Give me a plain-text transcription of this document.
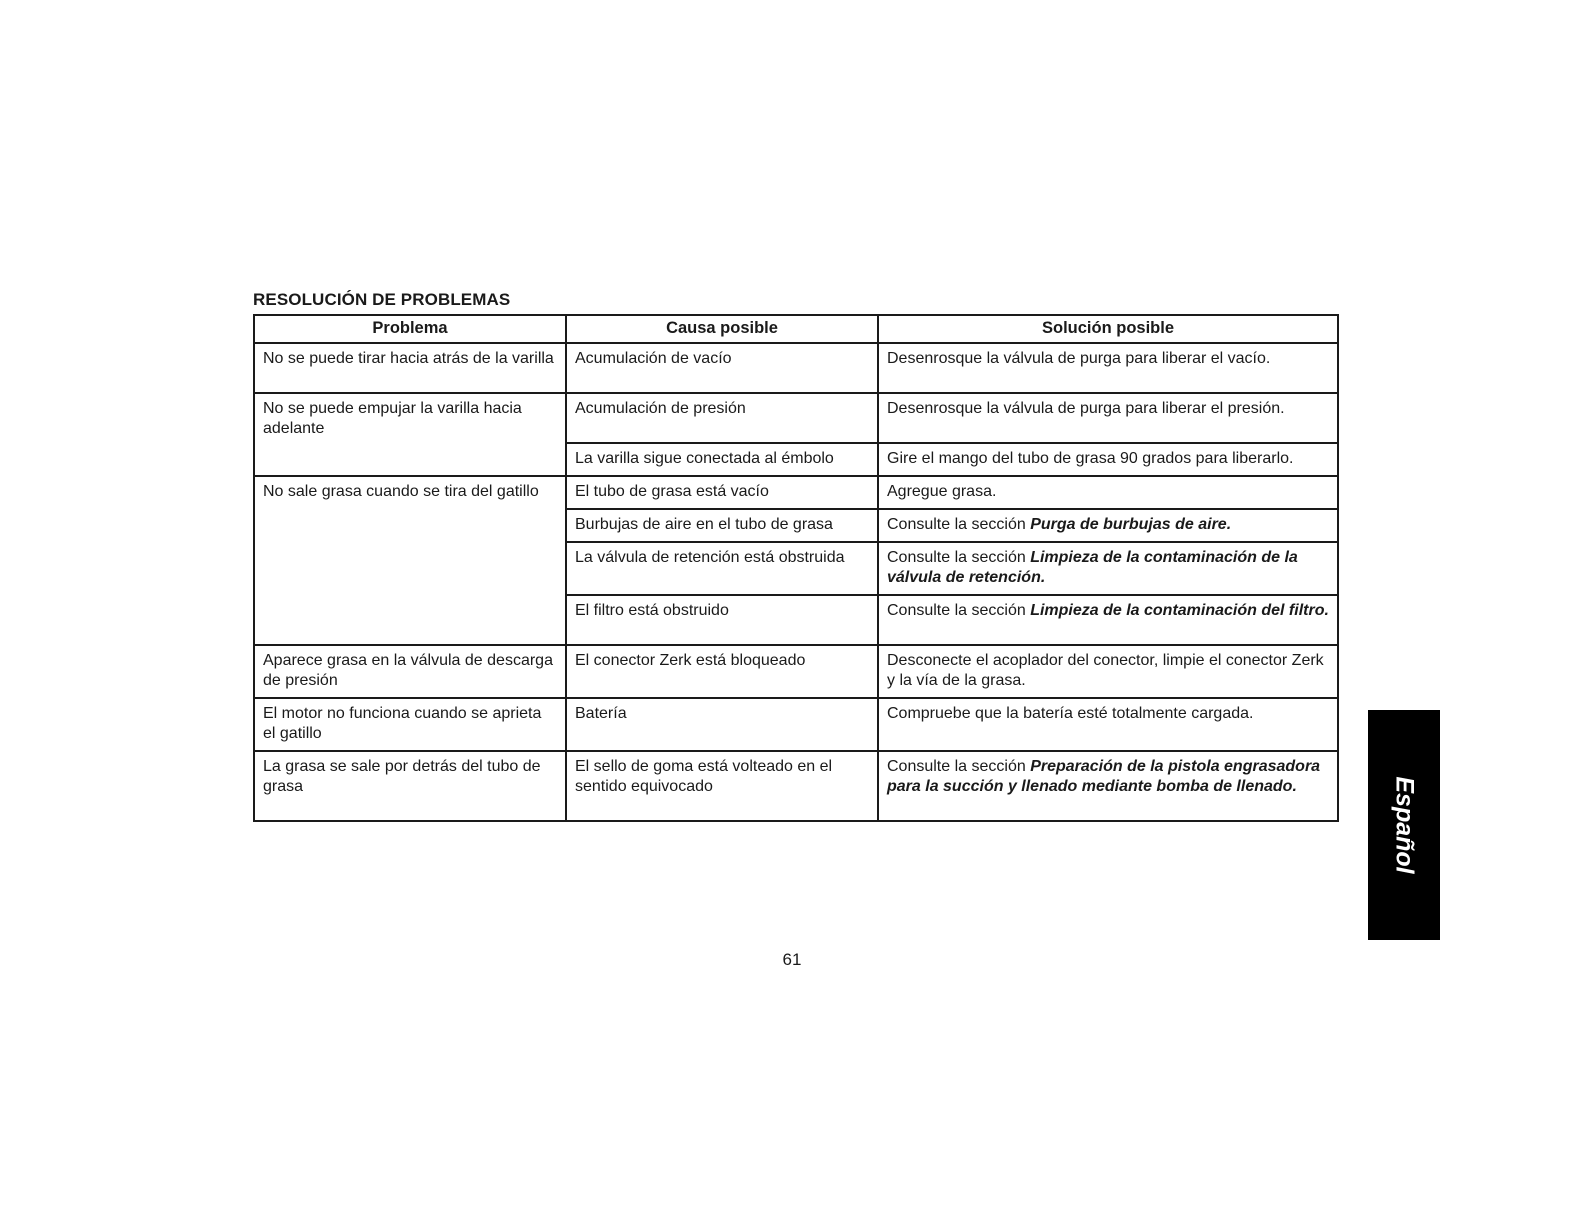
RESOLUCIÓN DE PROBLEMAS
Problema	Causa posible	Solución posible
No se puede tirar hacia atrás de la varilla	Acumulación de vacío	Desenrosque la válvula de purga para liberar el vacío.
No se puede empujar la varilla hacia adelante	Acumulación de presión	Desenrosque la válvula de purga para liberar el presión.
	La varilla sigue conectada al émbolo	Gire el mango del tubo de grasa 90 grados para liberarlo.
No sale grasa cuando se tira del gatillo	El tubo de grasa está vacío	Agregue grasa.
	Burbujas de aire en el tubo de grasa	Consulte la sección Purga de burbujas de aire.
	La válvula de retención está obstruida	Consulte la sección Limpieza de la contaminación de la válvula de retención.
	El filtro está obstruido	Consulte la sección Limpieza de la contaminación del filtro.
Aparece grasa en la válvula de descarga de presión	El conector Zerk está bloqueado	Desconecte el acoplador del conector, limpie el conector Zerk y la vía de la grasa.
El motor no funciona cuando se aprieta el gatillo	Batería	Compruebe que la batería esté totalmente cargada.
La grasa se sale por detrás del tubo de grasa	El sello de goma está volteado en el sentido equivocado	Consulte la sección Preparación de la pistola engrasadora para la succión y llenado mediante bomba de llenado.	Español
61
